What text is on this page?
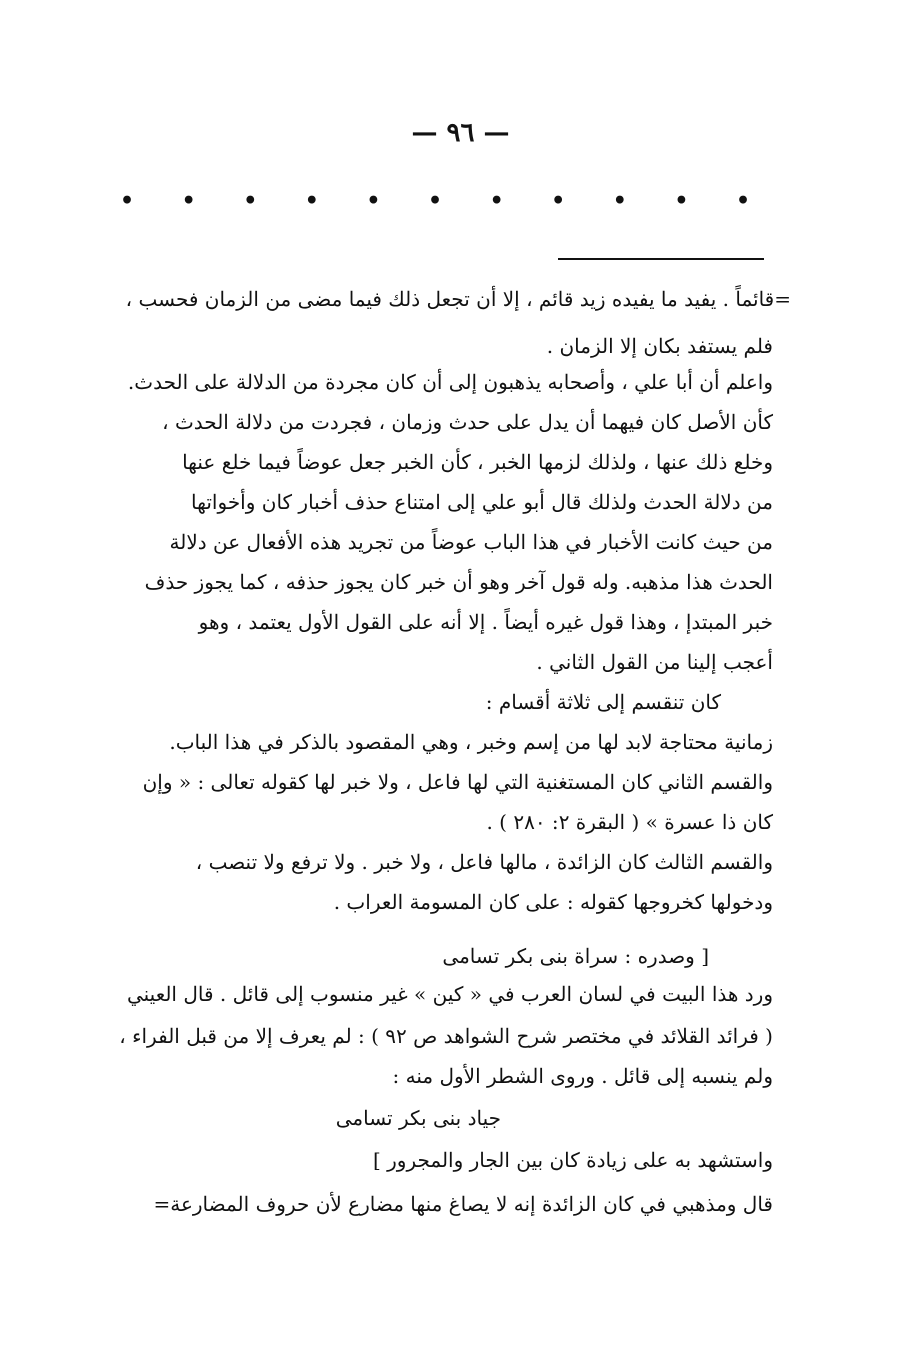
— ٩٦ —
•
•
•
•
•
•
•
•
•
•
•
=قائماً . يفيد ما يفيده زيد قائم ، إلا أن تجعل ذلك فيما مضى من الزمان فحسب ،
فلم يستفد بكان إلا الزمان .
واعلم أن أبا علي ، وأصحابه يذهبون إلى أن كان مجردة من الدلالة على الحدث.
كأن الأصل كان فيهما أن يدل على حدث وزمان ، فجردت من دلالة الحدث ،
وخلع ذلك عنها ، ولذلك لزمها الخبر ، كأن الخبر جعل عوضاً فيما خلع عنها
من دلالة الحدث ولذلك قال أبو علي إلى امتناع حذف أخبار كان وأخواتها
من حيث كانت الأخبار في هذا الباب عوضاً من تجريد هذه الأفعال عن دلالة
الحدث هذا مذهبه. وله قول آخر وهو أن خبر كان يجوز حذفه ، كما يجوز حذف
خبر المبتدإ ، وهذا قول غيره أيضاً . إلا أنه على القول الأول يعتمد ، وهو
أعجب إلينا من القول الثاني .
كان تنقسم إلى ثلاثة أقسام :
زمانية محتاجة لابد لها من إسم وخبر ، وهي المقصود بالذكر في هذا الباب.
والقسم الثاني كان المستغنية التي لها فاعل ، ولا خبر لها كقوله تعالى : « وإن
كان ذا عسرة » ( البقرة ٢: ٢٨٠ ) .
والقسم الثالث كان الزائدة ، مالها فاعل ، ولا خبر . ولا ترفع ولا تنصب ،
ودخولها كخروجها كقوله : على كان المسومة العراب .
[ وصدره : سراة بنى بكر تسامى
ورد هذا البيت في لسان العرب في « كين » غير منسوب إلى قائل . قال العيني
( فرائد القلائد في مختصر شرح الشواهد ص ٩٢ ) : لم يعرف إلا من قبل الفراء ،
ولم ينسبه إلى قائل . وروى الشطر الأول منه :
جياد بنى بكر تسامى
واستشهد به على زيادة كان بين الجار والمجرور ]
قال ومذهبي في كان الزائدة إنه لا يصاغ منها مضارع لأن حروف المضارعة=
